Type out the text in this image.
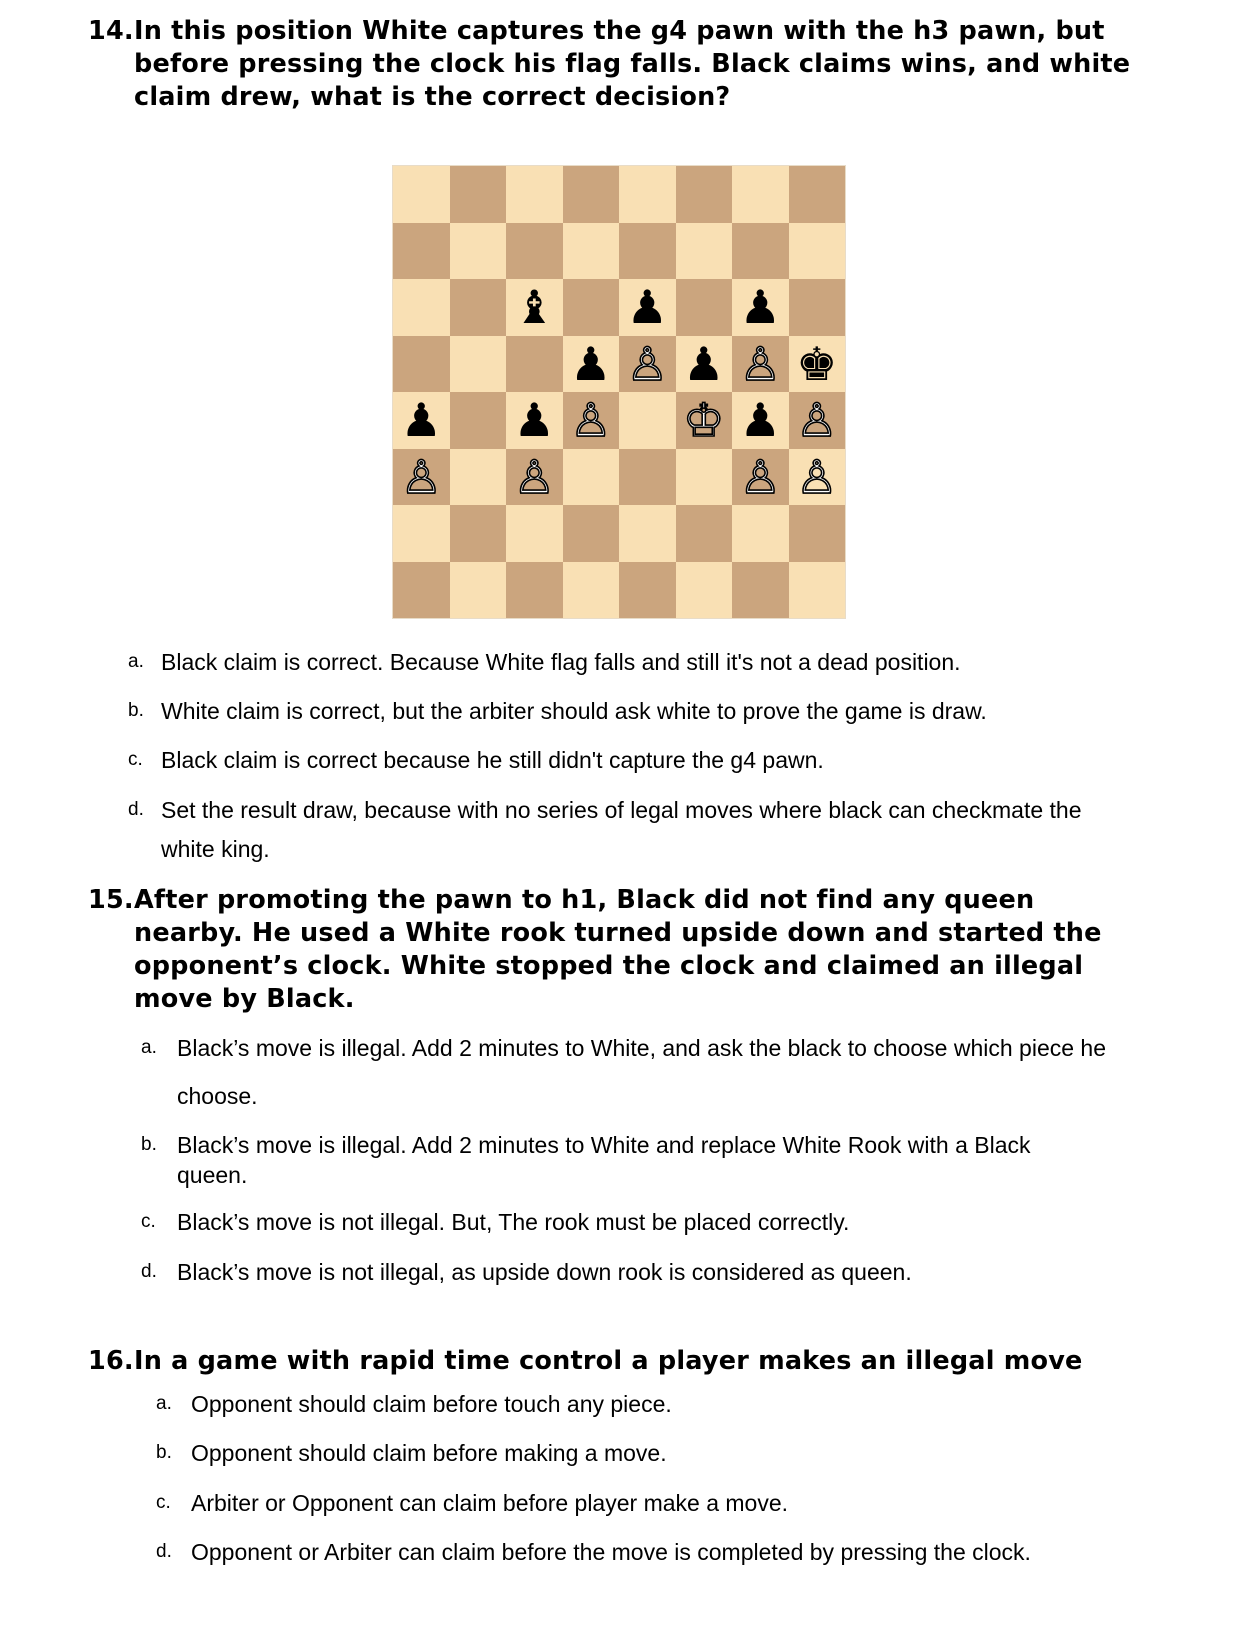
14.In this position White captures the g4 pawn with the h3 pawn, but
before pressing the clock his flag falls. Black claims wins, and white
claim drew, what is the correct decision?
♝ ♟ ♟
♟ ♙ ♟ ♙ ♚
♟ ♟ ♙ ♔ ♟ ♙
♙ ♙	♙ ♙
a. Black claim is correct. Because White flag falls and still it's not a dead position.
b. White claim is correct, but the arbiter should ask white to prove the game is draw.
c. Black claim is correct because he still didn't capture the g4 pawn.
d. Set the result draw, because with no series of legal moves where black can checkmate the
white king.
15.After promoting the pawn to h1, Black did not find any queen
nearby. He used a White rook turned upside down and started the
opponent’s clock. White stopped the clock and claimed an illegal
move by Black.
a. Black’s move is illegal. Add 2 minutes to White, and ask the black to choose which piece he
choose.
b. Black’s move is illegal. Add 2 minutes to White and replace White Rook with a Black
queen.
c. Black’s move is not illegal. But, The rook must be placed correctly.
d. Black’s move is not illegal, as upside down rook is considered as queen.
16.In a game with rapid time control a player makes an illegal move
a. Opponent should claim before touch any piece.
b. Opponent should claim before making a move.
c. Arbiter or Opponent can claim before player make a move.
d. Opponent or Arbiter can claim before the move is completed by pressing the clock.
